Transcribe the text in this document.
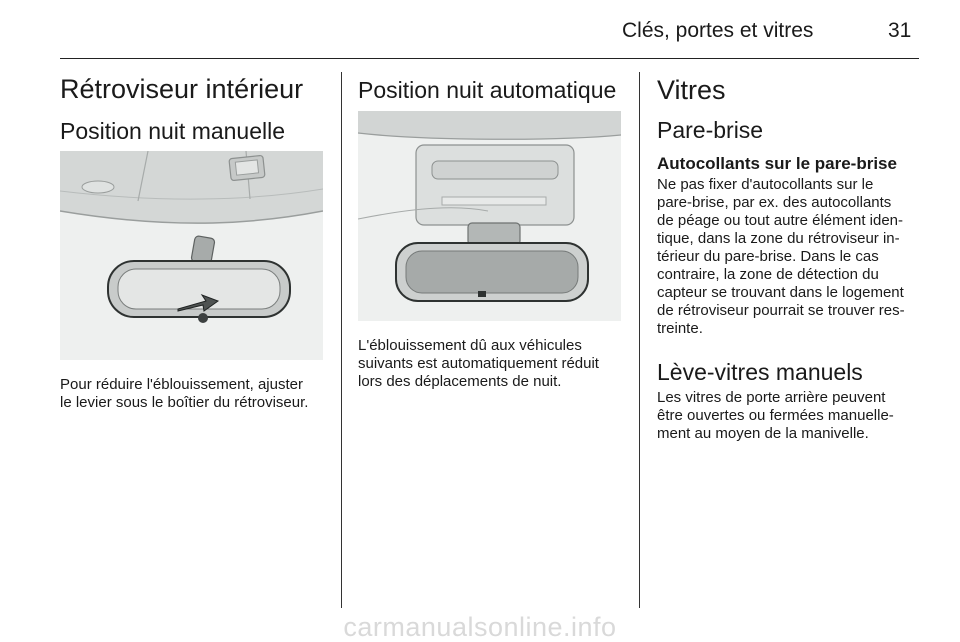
Clés, portes et vitres	31
Rétroviseur intérieur
Position nuit manuelle
Pour réduire l'éblouissement, ajuster
le levier sous le boîtier du rétroviseur.
Position nuit automatique
L'éblouissement dû aux véhicules
suivants est automatiquement réduit
lors des déplacements de nuit.
Vitres
Pare-brise
Autocollants sur le pare-brise
Ne pas fixer d'autocollants sur le
pare-brise, par ex. des autocollants
de péage ou tout autre élément iden-
tique, dans la zone du rétroviseur in-
térieur du pare-brise. Dans le cas
contraire, la zone de détection du
capteur se trouvant dans le logement
de rétroviseur pourrait se trouver res-
treinte.
Lève-vitres manuels
Les vitres de porte arrière peuvent
être ouvertes ou fermées manuelle-
ment au moyen de la manivelle.
carmanualsonline.info
